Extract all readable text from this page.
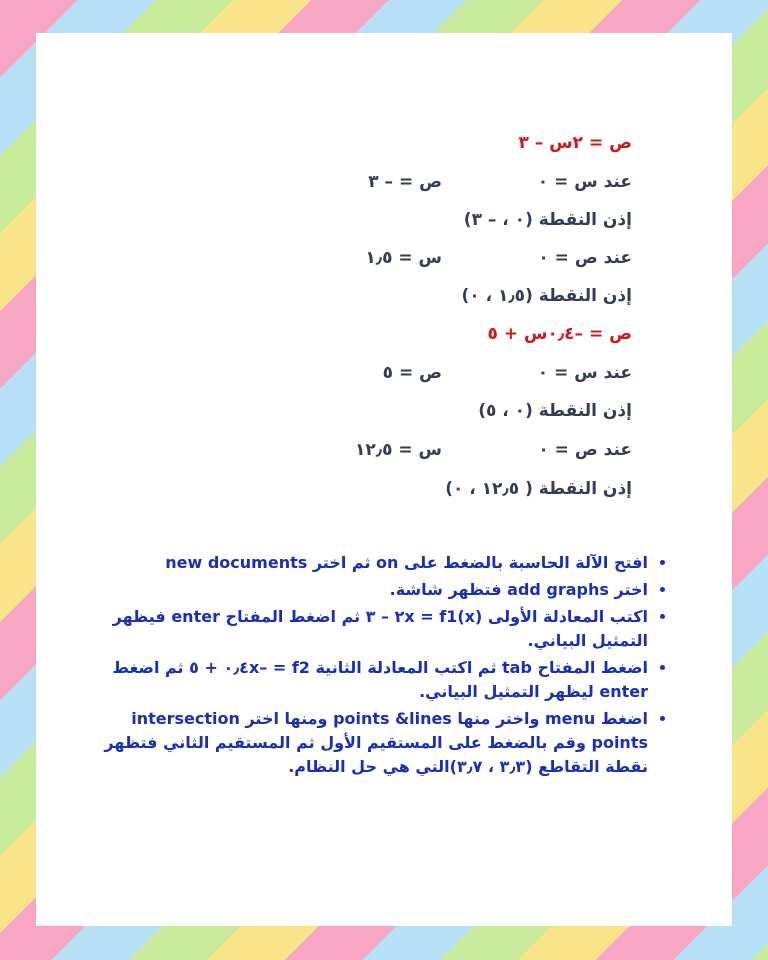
ص = ٢س – ٣
عند س = ٠ص = – ٣
إذن النقطة (٠ ، – ٣)
عند ص = ٠س = ١٫٥
إذن النقطة (١٫٥ ، ٠)
ص = –٠٫٤س + ٥
عند س = ٠ص = ٥
إذن النقطة (٠ ، ٥)
عند ص = ٠س = ١٢٫٥
إذن النقطة ( ١٢٫٥ ، ٠)
• افتح الآلة الحاسبة بالضغط على on ثم اختر new documents
• اختر add graphs فتظهر شاشة.
• اكتب المعادلة الأولى f1(x) = ٢x – ٣ ثم اضغط المفتاح enter فيظهر التمثيل البياني.
• اضغط المفتاح tab ثم اكتب المعادلة الثانية f2 = –٠٫٤x + ٥ ثم اضغط enter ليظهر التمثيل البياني.
• اضغط menu واختر منها points &lines ومنها اختر intersection points وقم بالضغط على المستقيم الأول ثم المستقيم الثاني فتظهر نقطة التقاطع (٣٫٣ ، ٣٫٧)التي هي حل النظام.
